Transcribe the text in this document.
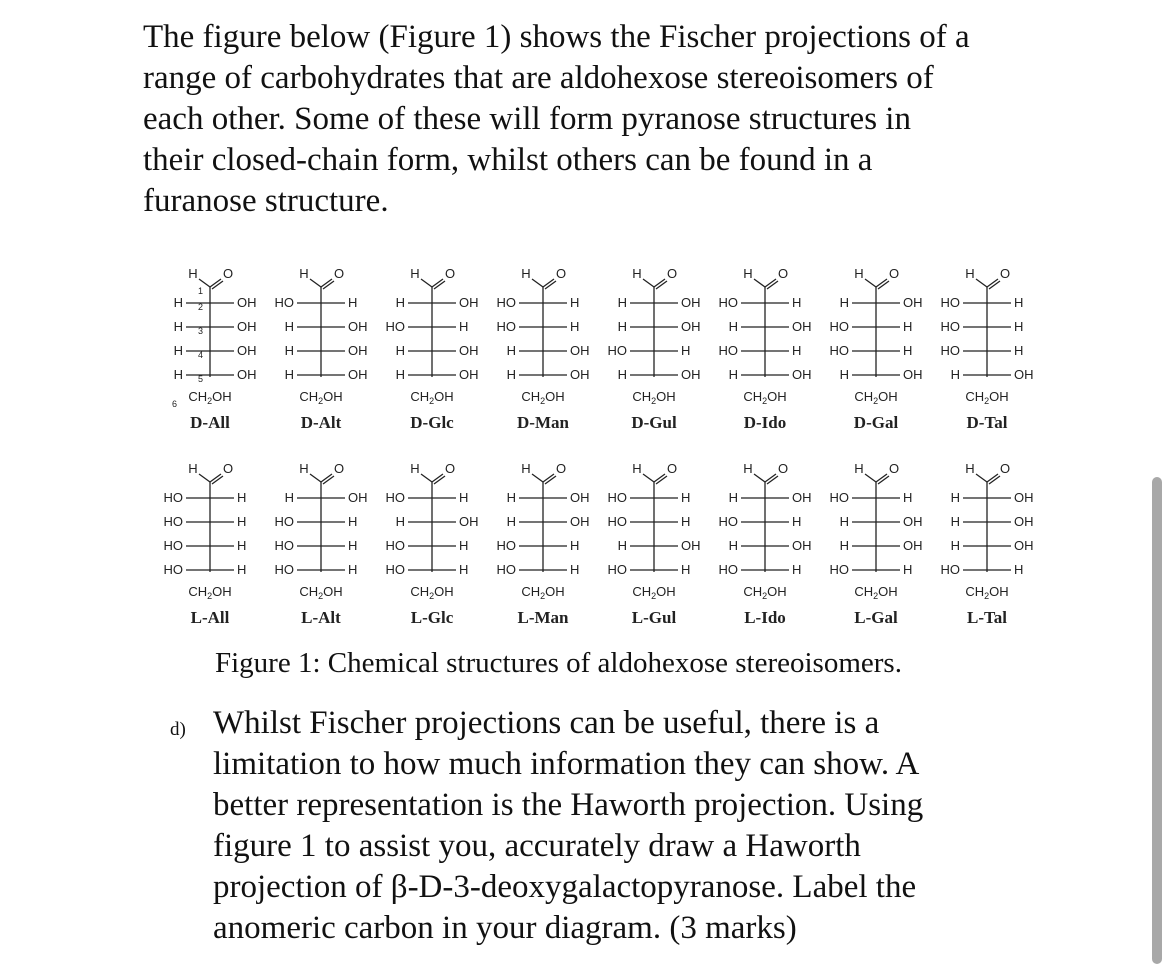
The figure below (Figure 1) shows the Fischer projections of a
range of carbohydrates that are aldohexose stereoisomers of
each other. Some of these will form pyranose structures in
their closed-chain form, whilst others can be found in a
furanose structure.
H O
H	OH
H	OH
H	OH
H	OH
$CH_2OH$
1
2
3
4
5
6
D-All
H O
HO	H
H	OH
H	OH
H	OH
$CH_2OH$
D-Alt
H O
H	OH
HO	H
H	OH
H	OH
$CH_2OH$
D-Glc
H O
HO	H
HO	H
H	OH
H	OH
$CH_2OH$
D-Man
H O
H	OH
H	OH
HO	H
H	OH
$CH_2OH$
D-Gul
H O
HO	H
H	OH
HO	H
H	OH
$CH_2OH$
D-Ido
H O
H	OH
HO	H
HO	H
H	OH
$CH_2OH$
D-Gal
H O
HO	H
HO	H
HO	H
H	OH
$CH_2OH$
D-Tal
H O
HO	H
HO	H
HO	H
HO	H
$CH_2OH$
L-All
H O
H	OH
HO	H
HO	H
HO	H
$CH_2OH$
L-Alt
H O
HO	H
H	OH
HO	H
HO	H
$CH_2OH$
L-Glc
H O
H	OH
H	OH
HO	H
HO	H
$CH_2OH$
L-Man
H O
HO	H
HO	H
H	OH
HO	H
$CH_2OH$
L-Gul
H O
H	OH
HO	H
H	OH
HO	H
$CH_2OH$
L-Ido
H O
HO	H
H	OH
H	OH
HO	H
$CH_2OH$
L-Gal
H O
H	OH
H	OH
H	OH
HO	H
$CH_2OH$
L-Tal

Figure 1: Chemical structures of aldohexose stereoisomers.

d) Whilst Fischer projections can be useful, there is a
limitation to how much information they can show. A
better representation is the Haworth projection. Using
figure 1 to assist you, accurately draw a Haworth
projection of β-D-3-deoxygalactopyranose. Label the
anomeric carbon in your diagram. (3 marks)
